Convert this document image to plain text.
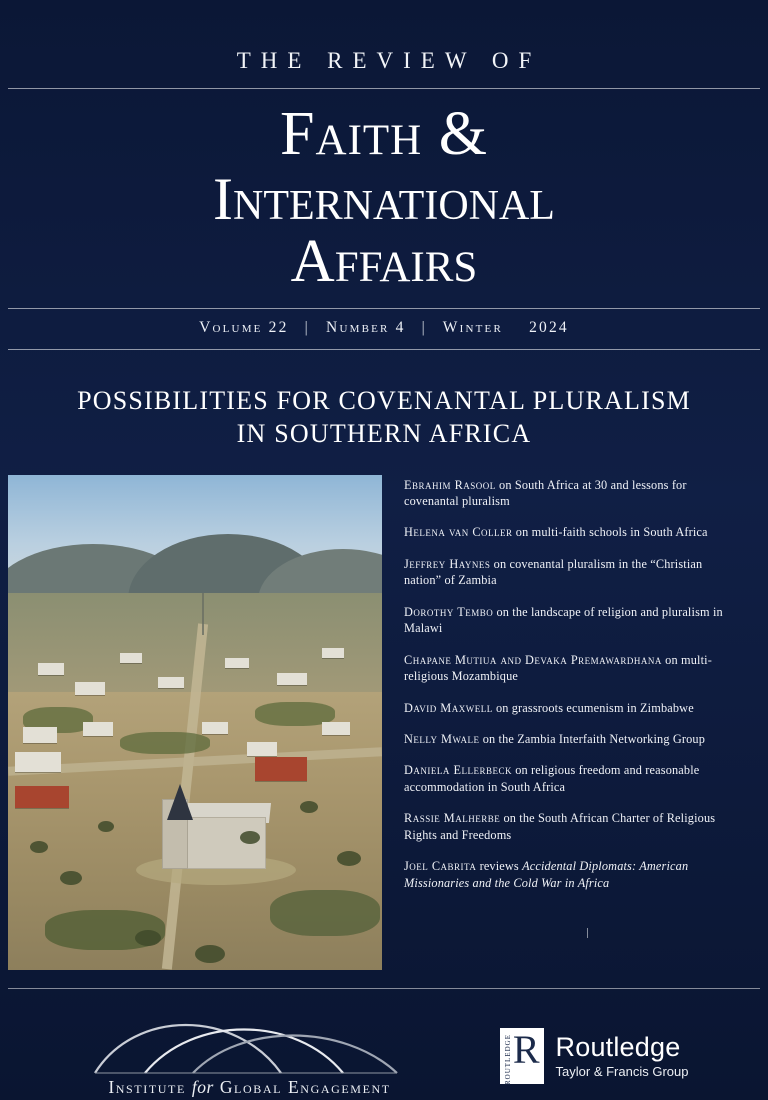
THE REVIEW OF
Faith &
International
Affairs
Volume 22 | Number 4 | Winter 2024
POSSIBILITIES FOR COVENANTAL PLURALISM
IN SOUTHERN AFRICA
Ebrahim Rasool on South Africa at 30 and lessons for covenantal pluralism
Helena van Coller on multi-faith schools in South Africa
Jeffrey Haynes on covenantal pluralism in the “Christian nation” of Zambia
Dorothy Tembo on the landscape of religion and pluralism in Malawi
Chapane Mutiua and Devaka Premawardhana on multi-religious Mozambique
David Maxwell on grassroots ecumenism in Zimbabwe
Nelly Mwale on the Zambia Interfaith Networking Group
Daniela Ellerbeck on religious freedom and reasonable accommodation in South Africa
Rassie Malherbe on the South African Charter of Religious Rights and Freedoms
Joel Cabrita reviews Accidental Diplomats: American Missionaries and the Cold War in Africa
Institute for Global Engagement
ROUTLEDGE R Routledge
Taylor & Francis Group
